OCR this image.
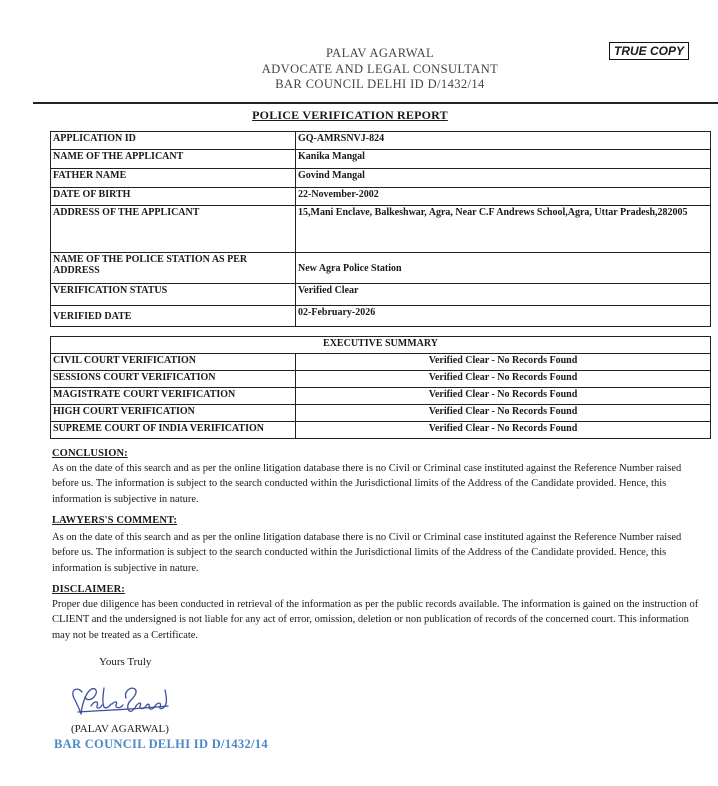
TRUE COPY
PALAV AGARWAL
ADVOCATE AND LEGAL CONSULTANT
BAR COUNCIL DELHI ID D/1432/14
POLICE VERIFICATION REPORT
APPLICATION ID	GQ-AMRSNVJ-824
NAME OF THE APPLICANT	Kanika Mangal
FATHER NAME	Govind Mangal
DATE OF BIRTH	22-November-2002
ADDRESS OF THE APPLICANT	15,Mani Enclave, Balkeshwar, Agra, Near C.F Andrews School,Agra, Uttar Pradesh,282005
NAME OF THE POLICE STATION AS PER ADDRESS	New Agra Police Station
VERIFICATION STATUS	Verified Clear
VERIFIED DATE	02-February-2026
EXECUTIVE SUMMARY	
CIVIL COURT VERIFICATION	Verified Clear - No Records Found
SESSIONS COURT VERIFICATION	Verified Clear - No Records Found
MAGISTRATE COURT VERIFICATION	Verified Clear - No Records Found
HIGH COURT VERIFICATION	Verified Clear - No Records Found
SUPREME COURT OF INDIA VERIFICATION	Verified Clear - No Records Found
CONCLUSION:
As on the date of this search and as per the online litigation database there is no Civil or Criminal case instituted against the Reference Number raised before us. The information is subject to the search conducted within the Jurisdictional limits of the Address of the Candidate provided. Hence, this information is subjective in nature.
LAWYERS'S COMMENT:
As on the date of this search and as per the online litigation database there is no Civil or Criminal case instituted against the Reference Number raised before us. The information is subject to the search conducted within the Jurisdictional limits of the Address of the Candidate provided. Hence, this information is subjective in nature.
DISCLAIMER:
Proper due diligence has been conducted in retrieval of the information as per the public records available. The information is gained on the instruction of CLIENT and the undersigned is not liable for any act of error, omission, deletion or non publication of records of the concerned court. This information may not be treated as a Certificate.
Yours Truly
(PALAV AGARWAL)
BAR COUNCIL DELHI ID D/1432/14
